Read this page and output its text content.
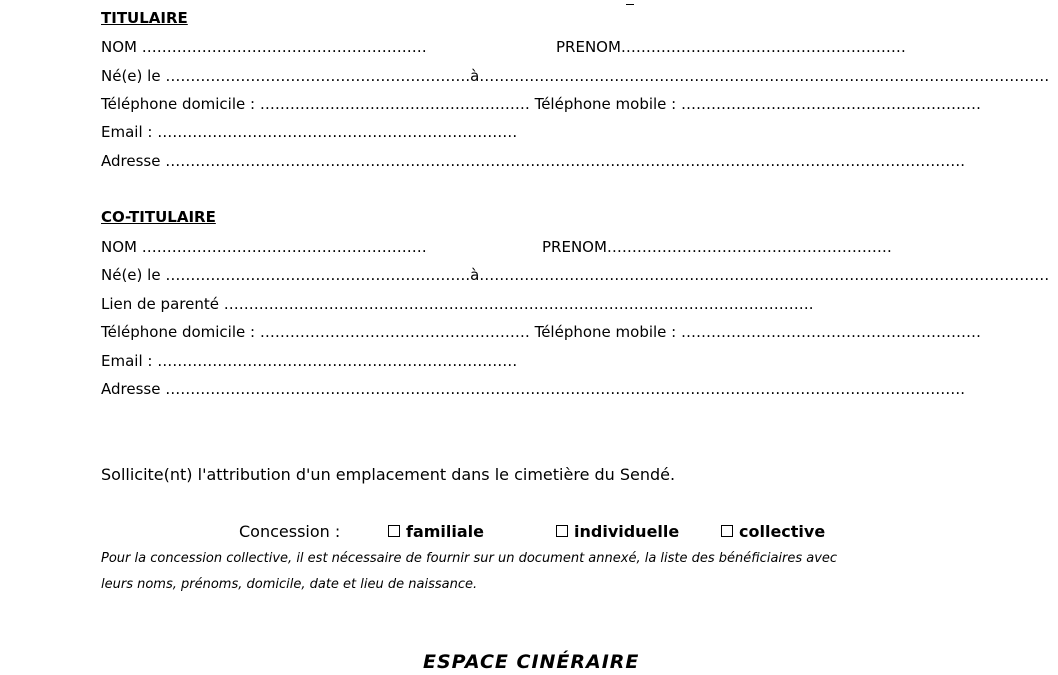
TITULAIRE
NOM …………………………………………………	PRENOM…………………………………………………
Né(e) le …………………………………………………….à……………………………………………………………………………………………………
Téléphone domicile : ……………………………………………… Téléphone mobile : ……………………………………………………
Email : ………………………………………………………………
Adresse …………………………………………………………………………………………………………………………………………….
CO-TITULAIRE
NOM …………………………………………………	PRENOM…………………………………………………
Né(e) le …………………………………………………….à……………………………………………………………………………………………………
Lien de parenté ……………………………………………………………………………………………………….
Téléphone domicile : ……………………………………………… Téléphone mobile : ……………………………………………………
Email : ………………………………………………………………
Adresse …………………………………………………………………………………………………………………………………………….
Sollicite(nt) l'attribution d'un emplacement dans le cimetière du Sendé.
Concession :	familiale	individuelle	collective
Pour la concession collective, il est nécessaire de fournir sur un document annexé, la liste des bénéficiaires avec
leurs noms, prénoms, domicile, date et lieu de naissance.
ESPACE CINÉRAIRE
